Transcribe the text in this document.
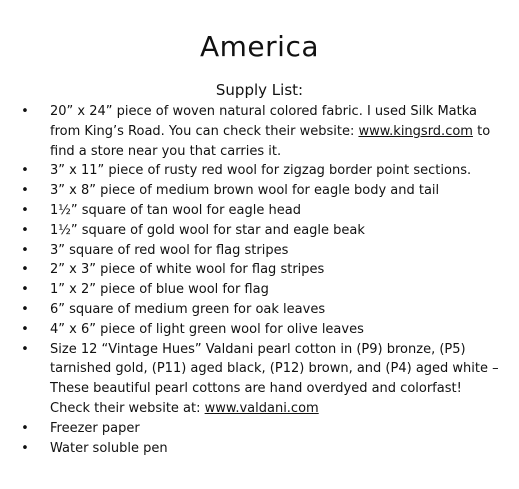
America
Supply List:
• 20” x 24” piece of woven natural colored fabric. I used Silk Matka
from King’s Road. You can check their website: www.kingsrd.com to
find a store near you that carries it.
• 3” x 11” piece of rusty red wool for zigzag border point sections.
• 3” x 8” piece of medium brown wool for eagle body and tail
• 1½” square of tan wool for eagle head
• 1½” square of gold wool for star and eagle beak
• 3” square of red wool for flag stripes
• 2” x 3” piece of white wool for flag stripes
• 1” x 2” piece of blue wool for flag
• 6” square of medium green for oak leaves
• 4” x 6” piece of light green wool for olive leaves
• Size 12 “Vintage Hues” Valdani pearl cotton in (P9) bronze, (P5)
tarnished gold, (P11) aged black, (P12) brown, and (P4) aged white –
These beautiful pearl cottons are hand overdyed and colorfast!
Check their website at: www.valdani.com
• Freezer paper
• Water soluble pen
